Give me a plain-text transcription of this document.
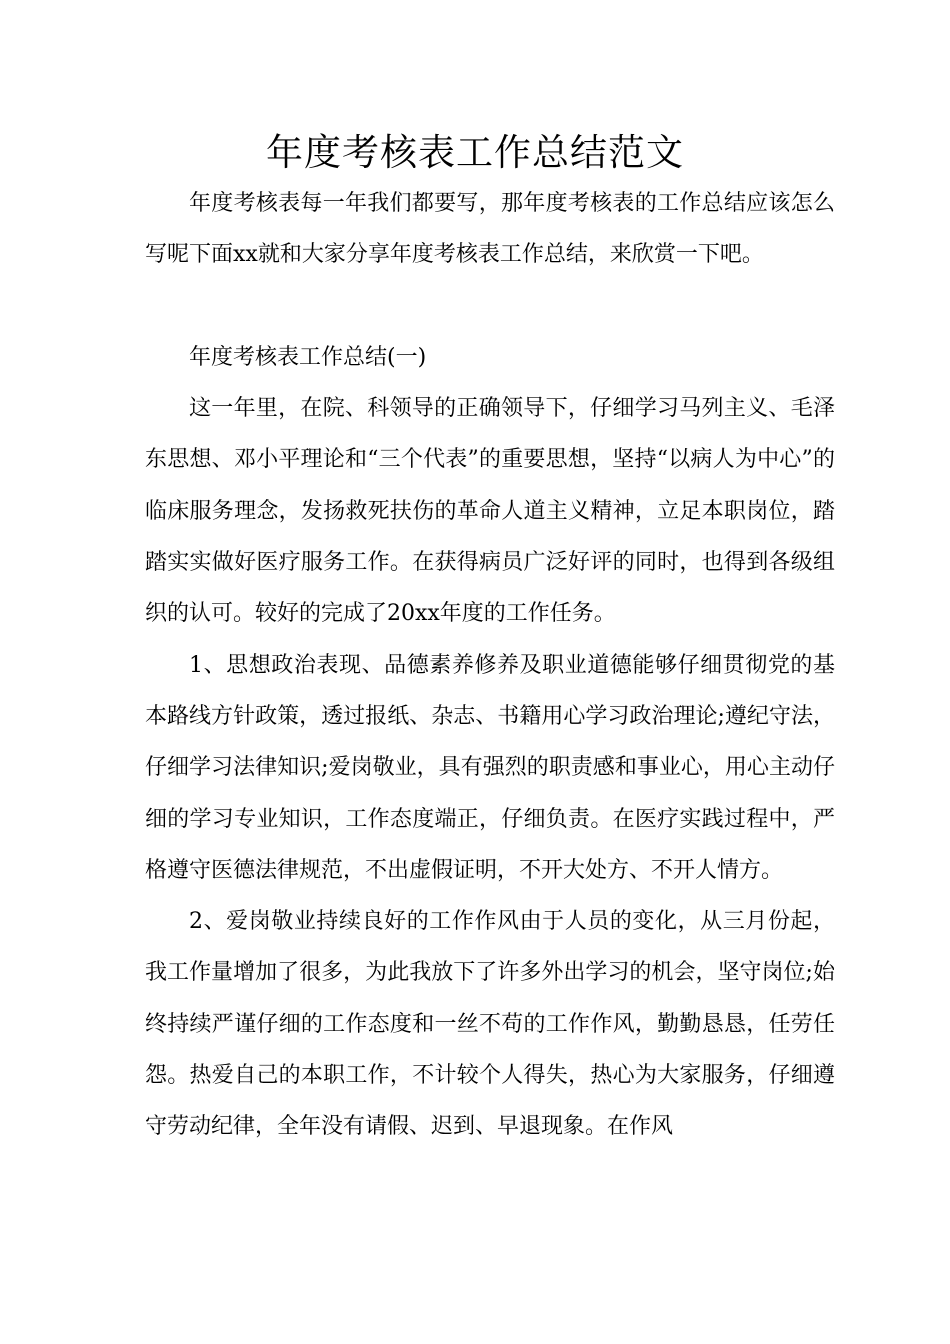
年度考核表工作总结范文

年度考核表每一年我们都要写，那年度考核表的工作总结应该怎么写呢下面xx就和大家分享年度考核表工作总结，来欣赏一下吧。

年度考核表工作总结(一)

这一年里，在院、科领导的正确领导下，仔细学习马列主义、毛泽东思想、邓小平理论和“三个代表”的重要思想，坚持“以病人为中心”的临床服务理念，发扬救死扶伤的革命人道主义精神，立足本职岗位，踏踏实实做好医疗服务工作。在获得病员广泛好评的同时，也得到各级组织的认可。较好的完成了20xx年度的工作任务。

1、思想政治表现、品德素养修养及职业道德能够仔细贯彻党的基本路线方针政策，透过报纸、杂志、书籍用心学习政治理论;遵纪守法，仔细学习法律知识;爱岗敬业，具有强烈的职责感和事业心，用心主动仔细的学习专业知识，工作态度端正，仔细负责。在医疗实践过程中，严格遵守医德法律规范，不出虚假证明，不开大处方、不开人情方。

2、爱岗敬业持续良好的工作作风由于人员的变化，从三月份起，我工作量增加了很多，为此我放下了许多外出学习的机会，坚守岗位;始终持续严谨仔细的工作态度和一丝不苟的工作作风，勤勤恳恳，任劳任怨。热爱自己的本职工作，不计较个人得失，热心为大家服务，仔细遵守劳动纪律，全年没有请假、迟到、早退现象。在作风
